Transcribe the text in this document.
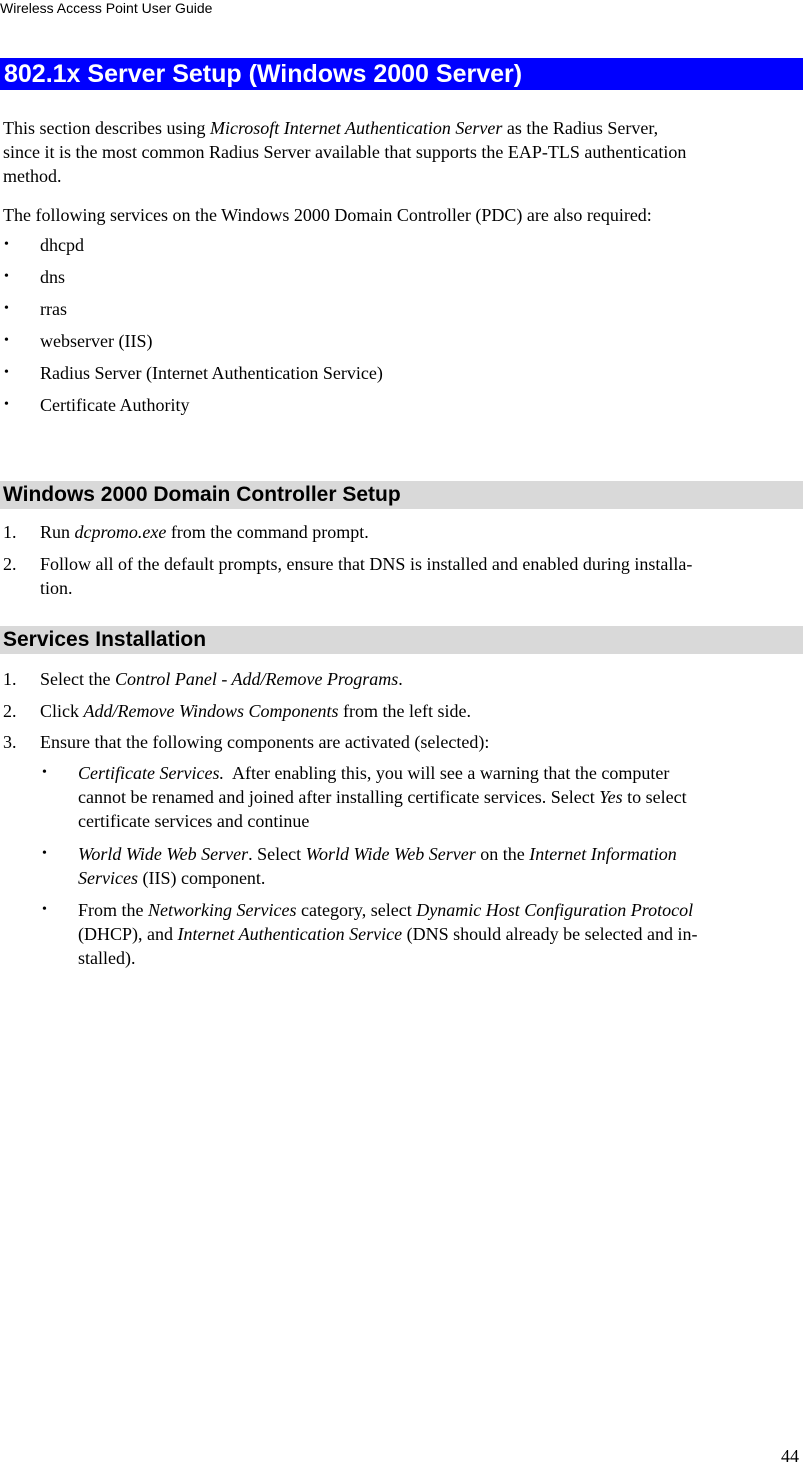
Wireless Access Point User Guide
802.1x Server Setup (Windows 2000 Server)
This section describes using Microsoft Internet Authentication Server as the Radius Server,
since it is the most common Radius Server available that supports the EAP-TLS authentication
method.
The following services on the Windows 2000 Domain Controller (PDC) are also required:
• dhcpd
• dns
• rras
• webserver (IIS)
• Radius Server (Internet Authentication Service)
• Certificate Authority
Windows 2000 Domain Controller Setup
1. Run dcpromo.exe from the command prompt.
2. Follow all of the default prompts, ensure that DNS is installed and enabled during installa-
tion.
Services Installation
1. Select the Control Panel - Add/Remove Programs.
2. Click Add/Remove Windows Components from the left side.
3. Ensure that the following components are activated (selected):
• Certificate Services.  After enabling this, you will see a warning that the computer
cannot be renamed and joined after installing certificate services. Select Yes to select
certificate services and continue
• World Wide Web Server. Select World Wide Web Server on the Internet Information
Services (IIS) component.
• From the Networking Services category, select Dynamic Host Configuration Protocol
(DHCP), and Internet Authentication Service (DNS should already be selected and in-
stalled).
44
